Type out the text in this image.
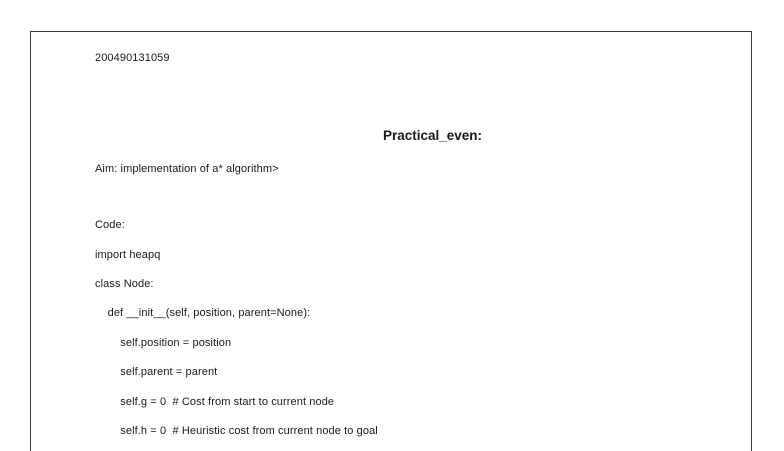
200490131059
Practical_even:
Aim: implementation of a* algorithm>
Code:
import heapq
class Node:
def __init__(self, position, parent=None):
self.position = position
self.parent = parent
self.g = 0  # Cost from start to current node
self.h = 0  # Heuristic cost from current node to goal
